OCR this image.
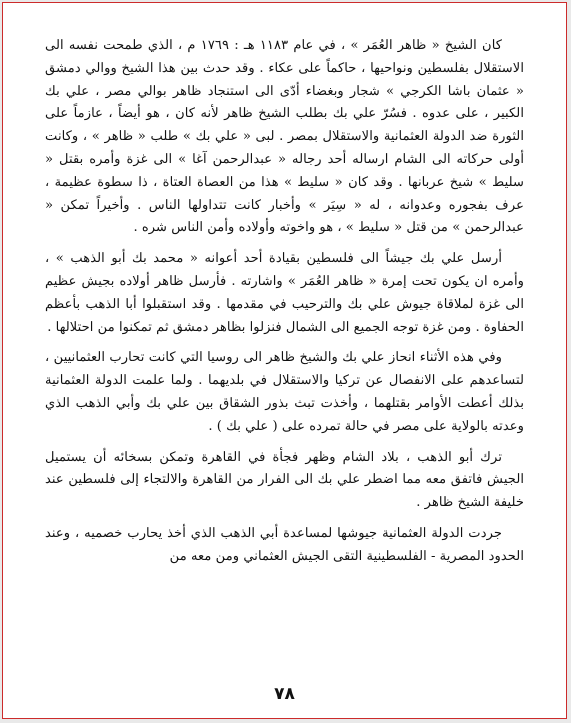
كان الشيخ « ظاهر العُمَر » ، في عام ١١٨٣ هـ : ١٧٦٩ م ، الذي طمحت نفسه الى الاستقلال بفلسطين ونواحيها ، حاكماً على عكاء . وقد حدث بين هذا الشيخ ووالي دمشق « عثمان باشا الكرجي » شجار وبغضاء أدّى الى استنجاد ظاهر بوالي مصر ، علي بك الكبير ، على عدوه . فسُرّ علي بك بطلب الشيخ ظاهر لأنه كان ، هو أيضاً ، عازماً على الثورة ضد الدولة العثمانية والاستقلال بمصر . لبى « علي بك » طلب « ظاهر » ، وكانت أولى حركاته الى الشام ارساله أحد رجاله « عبدالرحمن آغا » الى غزة وأمره بقتل « سليط » شيخ عربانها . وقد كان « سليط » هذا من العصاة العتاة ، ذا سطوة عظيمة ، عرف بفجوره وعدوانه ، له « سِيَر » وأخبار كانت تتداولها الناس . وأخيراً تمكن « عبدالرحمن » من قتل « سليط » ، هو واخوته وأولاده وأمن الناس شره .

أرسل علي بك جيشاً الى فلسطين بقيادة أحد أعوانه « محمد بك أبو الذهب » ، وأمره ان يكون تحت إمرة « ظاهر العُمَر » واشارته . فأرسل ظاهر أولاده بجيش عظيم الى غزة لملاقاة جيوش علي بك والترحيب في مقدمها . وقد استقبلوا أبا الذهب بأعظم الحفاوة . ومن غزة توجه الجميع الى الشمال فنزلوا بظاهر دمشق ثم تمكنوا من احتلالها .

وفي هذه الأثناء انحاز علي بك والشيخ ظاهر الى روسيا التي كانت تحارب العثمانيين ، لتساعدهم على الانفصال عن تركيا والاستقلال في بلديهما . ولما علمت الدولة العثمانية بذلك أعطت الأوامر بقتلهما ، وأخذت تبث بذور الشقاق بين علي بك وأبي الذهب الذي وعدته بالولاية على مصر في حالة تمرده على ( علي بك ) .

ترك أبو الذهب ، بلاد الشام وظهر فجأة في القاهرة وتمكن بسخائه أن يستميل الجيش فاتفق معه مما اضطر علي بك الى الفرار من القاهرة والالتجاء إلى فلسطين عند خليفة الشيخ ظاهر .

جردت الدولة العثمانية جيوشها لمساعدة أبي الذهب الذي أخذ يحارب خصميه ، وعند الحدود المصرية - الفلسطينية التقى الجيش العثماني ومن معه من

٧٨
